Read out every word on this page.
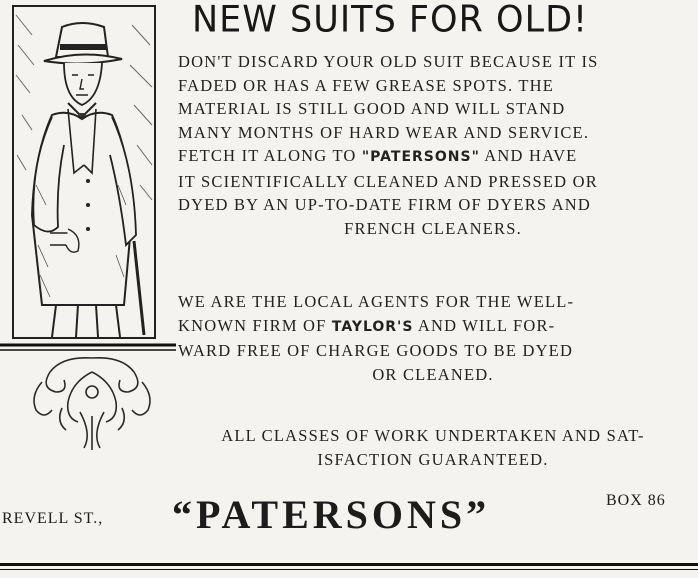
NEW SUITS FOR OLD!
DON'T DISCARD YOUR OLD SUIT BECAUSE IT IS
FADED OR HAS A FEW GREASE SPOTS. THE
MATERIAL IS STILL GOOD AND WILL STAND
MANY MONTHS OF HARD WEAR AND SERVICE.
FETCH IT ALONG TO "PATERSONS" AND HAVE
IT SCIENTIFICALLY CLEANED AND PRESSED OR
DYED BY AN UP-TO-DATE FIRM OF DYERS AND
FRENCH CLEANERS.
WE ARE THE LOCAL AGENTS FOR THE WELL-
KNOWN FIRM OF TAYLOR'S AND WILL FOR-
WARD FREE OF CHARGE GOODS TO BE DYED
OR CLEANED.
ALL CLASSES OF WORK UNDERTAKEN AND SAT-
ISFACTION GUARANTEED.
REVELL ST., “PATERSONS”	BOX 86
